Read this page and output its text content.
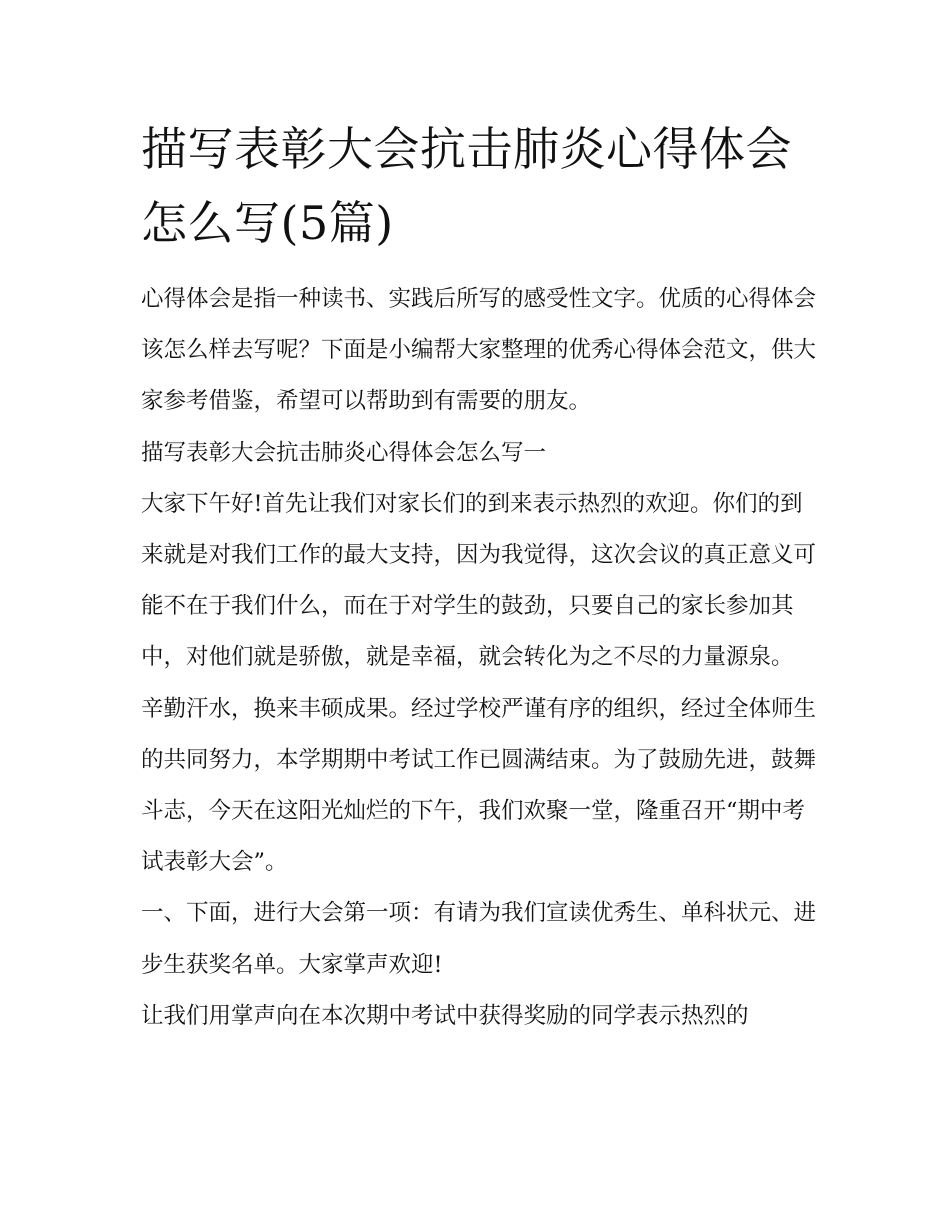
描写表彰大会抗击肺炎心得体会怎么写(5篇)

心得体会是指一种读书、实践后所写的感受性文字。优质的心得体会该怎么样去写呢？下面是小编帮大家整理的优秀心得体会范文，供大家参考借鉴，希望可以帮助到有需要的朋友。

描写表彰大会抗击肺炎心得体会怎么写一

大家下午好!首先让我们对家长们的到来表示热烈的欢迎。你们的到来就是对我们工作的最大支持，因为我觉得，这次会议的真正意义可能不在于我们什么，而在于对学生的鼓劲，只要自己的家长参加其中，对他们就是骄傲，就是幸福，就会转化为之不尽的力量源泉。

辛勤汗水，换来丰硕成果。经过学校严谨有序的组织，经过全体师生的共同努力，本学期期中考试工作已圆满结束。为了鼓励先进，鼓舞斗志，今天在这阳光灿烂的下午，我们欢聚一堂，隆重召开“期中考试表彰大会”。

一、下面，进行大会第一项：有请为我们宣读优秀生、单科状元、进步生获奖名单。大家掌声欢迎!

让我们用掌声向在本次期中考试中获得奖励的同学表示热烈的
